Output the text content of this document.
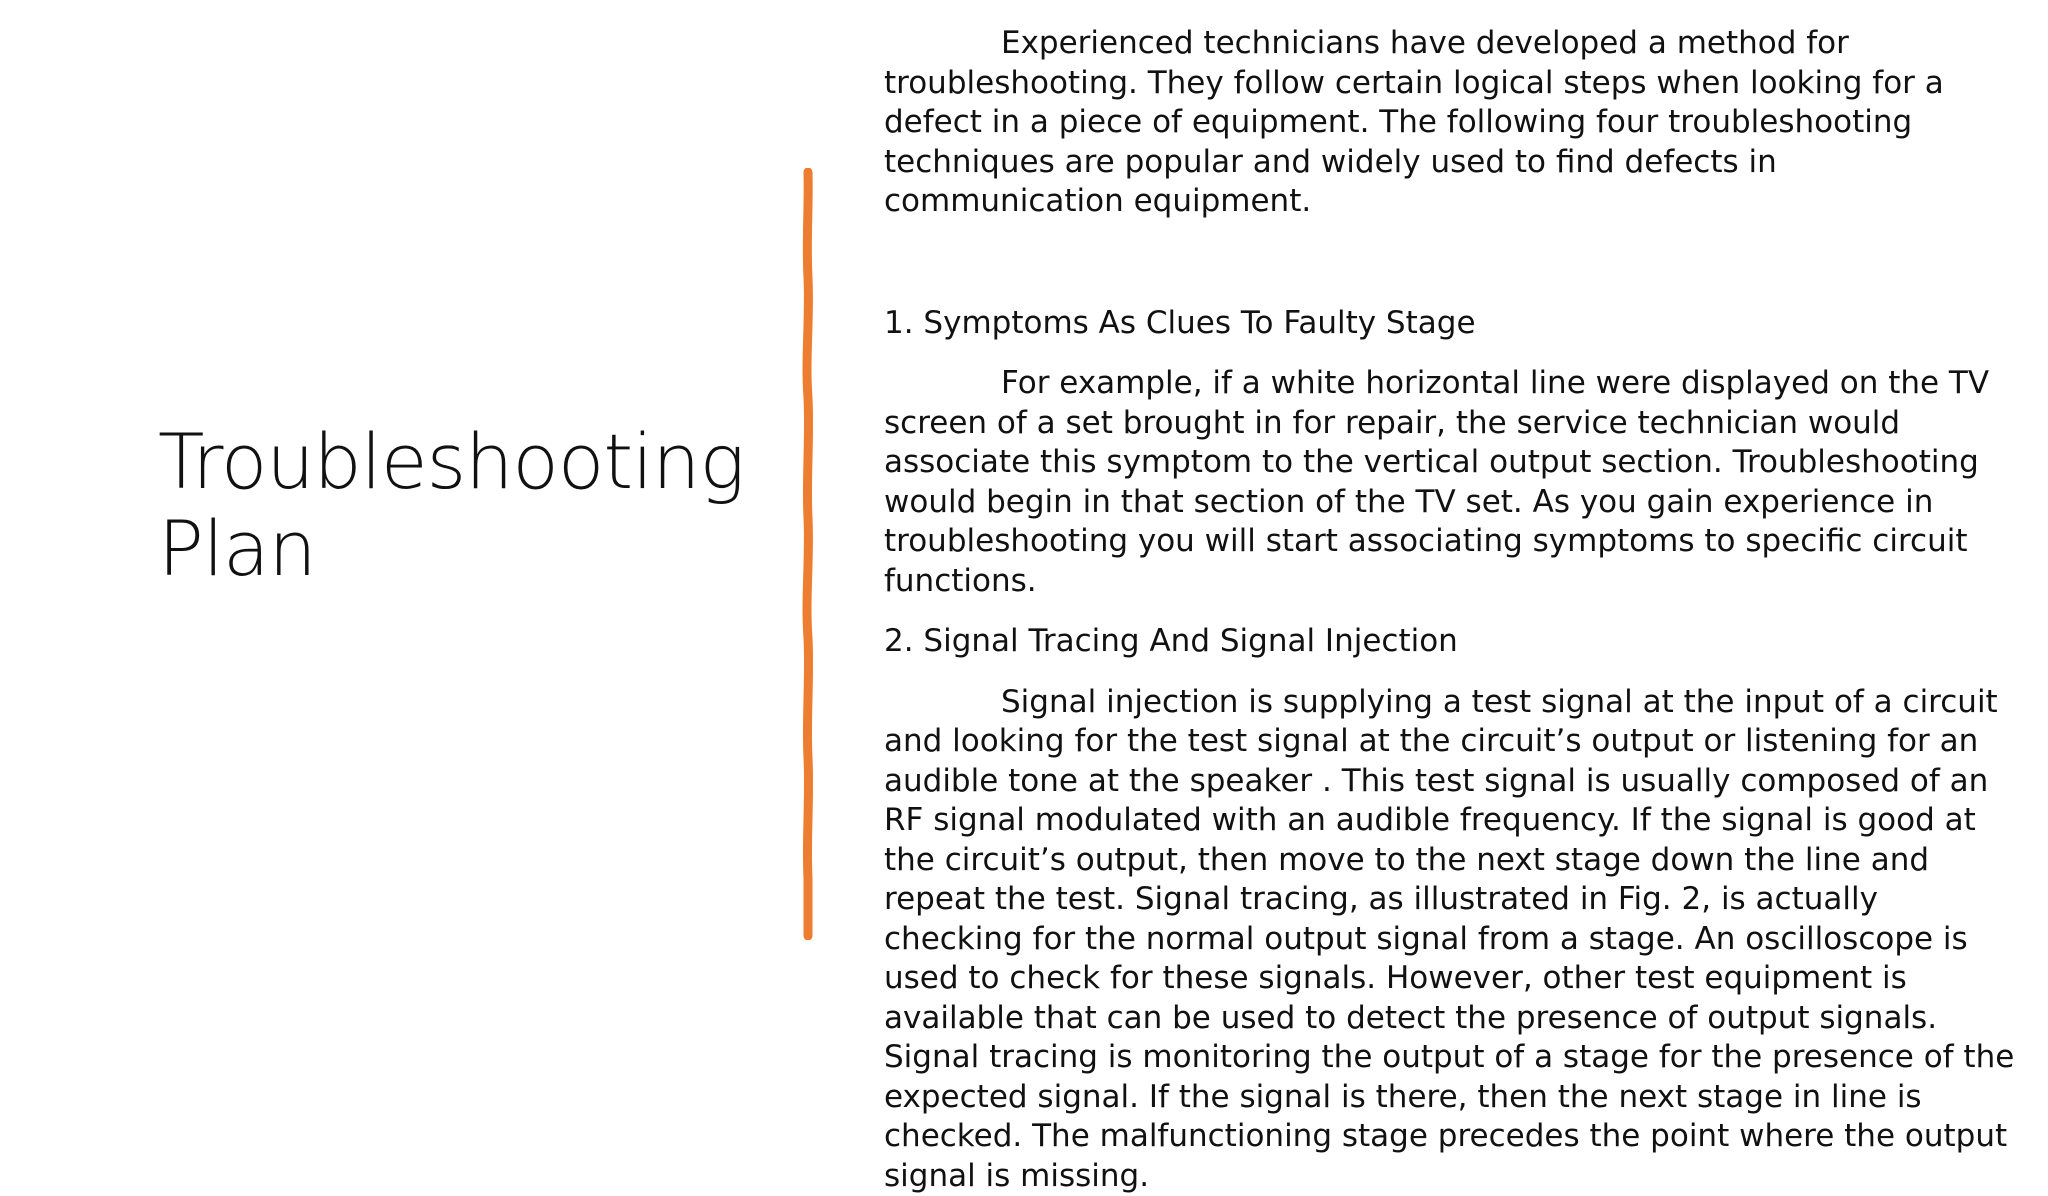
Troubleshooting
Plan

Experienced technicians have developed a method for troubleshooting. They follow certain logical steps when looking for a defect in a piece of equipment. The following four troubleshooting techniques are popular and widely used to find defects in communication equipment.

1. Symptoms As Clues To Faulty Stage

For example, if a white horizontal line were displayed on the TV screen of a set brought in for repair, the service technician would associate this symptom to the vertical output section. Troubleshooting would begin in that section of the TV set. As you gain experience in troubleshooting you will start associating symptoms to specific circuit functions.

2. Signal Tracing And Signal Injection

Signal injection is supplying a test signal at the input of a circuit and looking for the test signal at the circuit’s output or listening for an audible tone at the speaker . This test signal is usually composed of an RF signal modulated with an audible frequency. If the signal is good at the circuit’s output, then move to the next stage down the line and repeat the test. Signal tracing, as illustrated in Fig. 2, is actually checking for the normal output signal from a stage. An oscilloscope is used to check for these signals. However, other test equipment is available that can be used to detect the presence of output signals. Signal tracing is monitoring the output of a stage for the presence of the expected signal. If the signal is there, then the next stage in line is checked. The malfunctioning stage precedes the point where the output signal is missing.
